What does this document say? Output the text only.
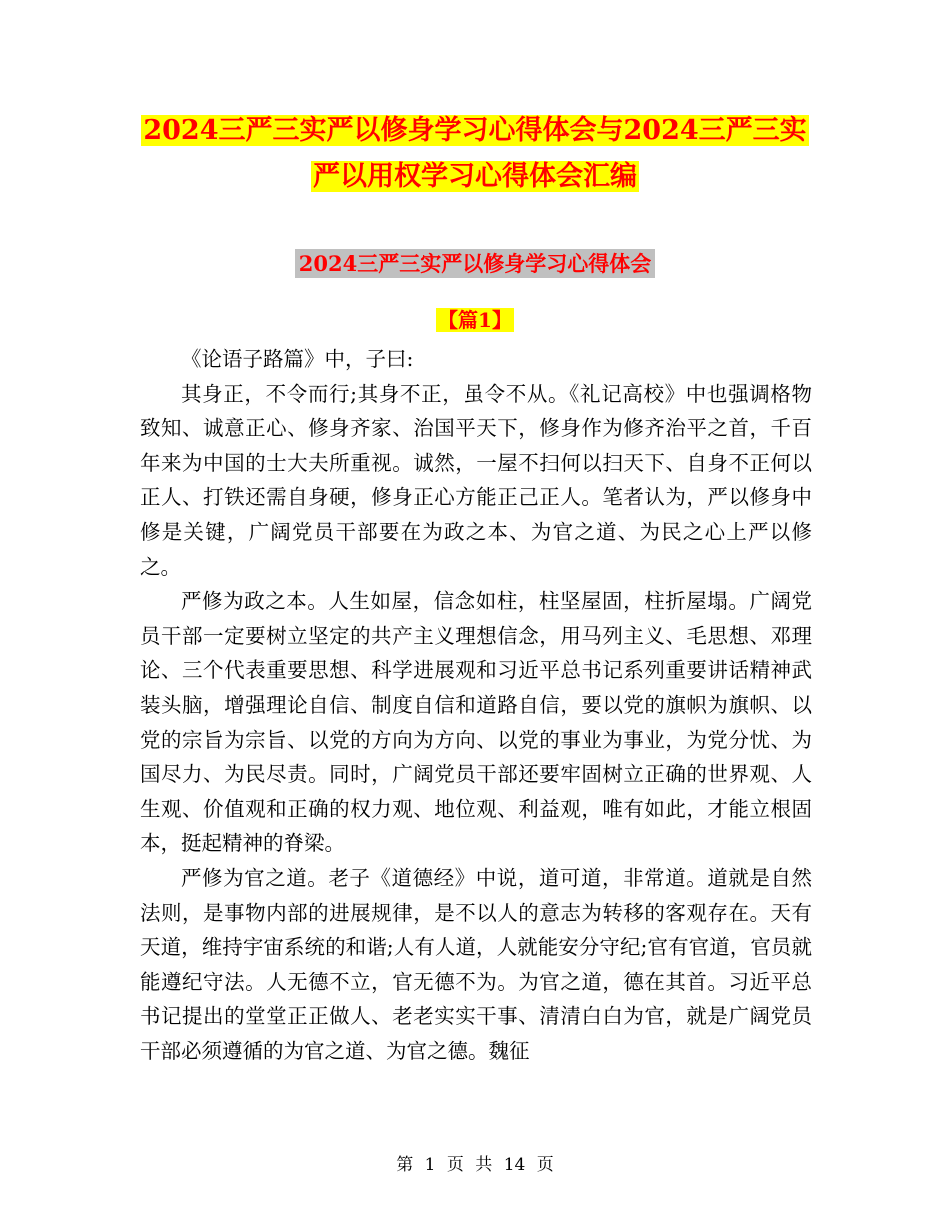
2024三严三实严以修身学习心得体会与2024三严三实
严以用权学习心得体会汇编
2024三严三实严以修身学习心得体会
【篇1】

《论语子路篇》中，子曰:

其身正，不令而行;其身不正，虽令不从。《礼记高校》中也强调格物致知、诚意正心、修身齐家、治国平天下，修身作为修齐治平之首，千百年来为中国的士大夫所重视。诚然，一屋不扫何以扫天下、自身不正何以正人、打铁还需自身硬，修身正心方能正己正人。笔者认为，严以修身中修是关键，广阔党员干部要在为政之本、为官之道、为民之心上严以修之。

严修为政之本。人生如屋，信念如柱，柱坚屋固，柱折屋塌。广阔党员干部一定要树立坚定的共产主义理想信念，用马列主义、毛思想、邓理论、三个代表重要思想、科学进展观和习近平总书记系列重要讲话精神武装头脑，增强理论自信、制度自信和道路自信，要以党的旗帜为旗帜、以党的宗旨为宗旨、以党的方向为方向、以党的事业为事业，为党分忧、为国尽力、为民尽责。同时，广阔党员干部还要牢固树立正确的世界观、人生观、价值观和正确的权力观、地位观、利益观，唯有如此，才能立根固本，挺起精神的脊梁。

严修为官之道。老子《道德经》中说，道可道，非常道。道就是自然法则，是事物内部的进展规律，是不以人的意志为转移的客观存在。天有天道，维持宇宙系统的和谐;人有人道，人就能安分守纪;官有官道，官员就能遵纪守法。人无德不立，官无德不为。为官之道，德在其首。习近平总书记提出的堂堂正正做人、老老实实干事、清清白白为官，就是广阔党员干部必须遵循的为官之道、为官之德。魏征

第 1 页 共 14 页
